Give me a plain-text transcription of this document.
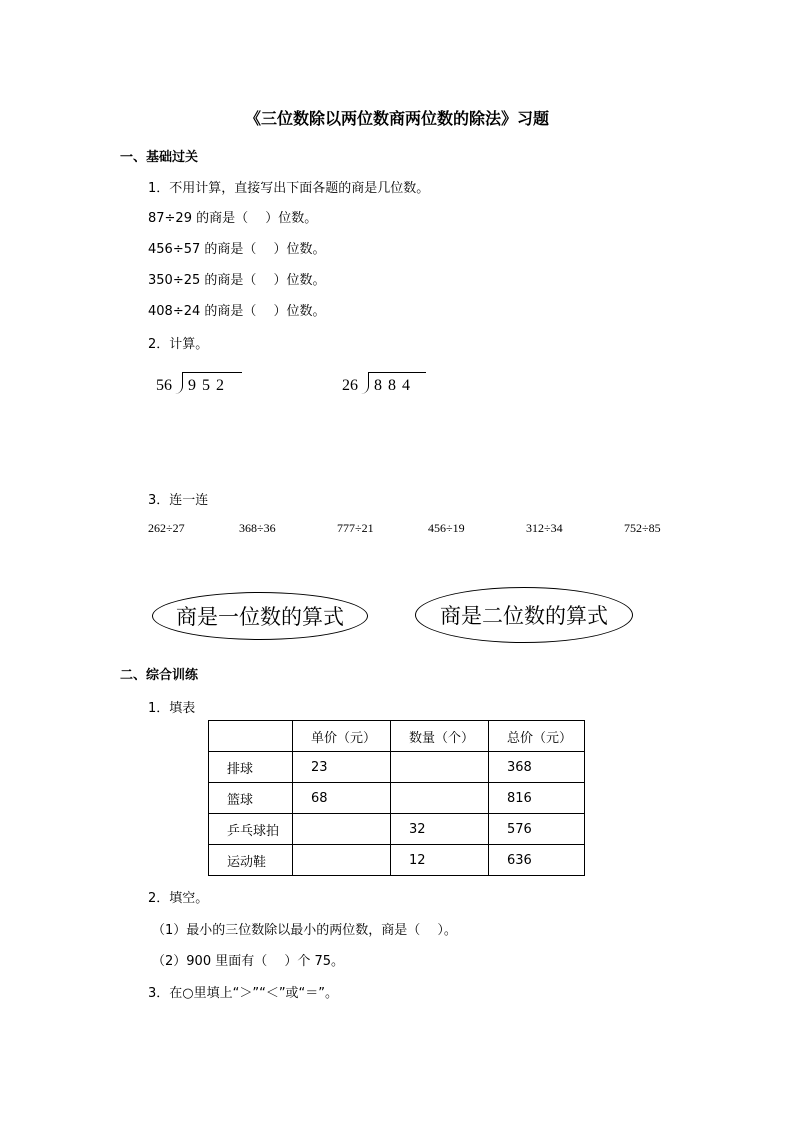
《三位数除以两位数商两位数的除法》习题
一、基础过关
1．不用计算，直接写出下面各题的商是几位数。
87÷29 的商是（　 ）位数。
456÷57 的商是（　 ）位数。
350÷25 的商是（　 ）位数。
408÷24 的商是（　 ）位数。
2．计算。
56 9 5 2	26 8 8 4
3．连一连
262÷27	368÷36	777÷21	456÷19	312÷34	752÷85
商是一位数的算式	商是二位数的算式
二、综合训练
1．填表
	单价（元）	数量（个）	总价（元）
排球	23		368
篮球	68		816
乒乓球拍		32	576
运动鞋		12	636
2．填空。
（1）最小的三位数除以最小的两位数，商是（　 ）。
（2）900 里面有（　 ）个 75。
3．在○里填上“＞”“＜”或“＝”。
